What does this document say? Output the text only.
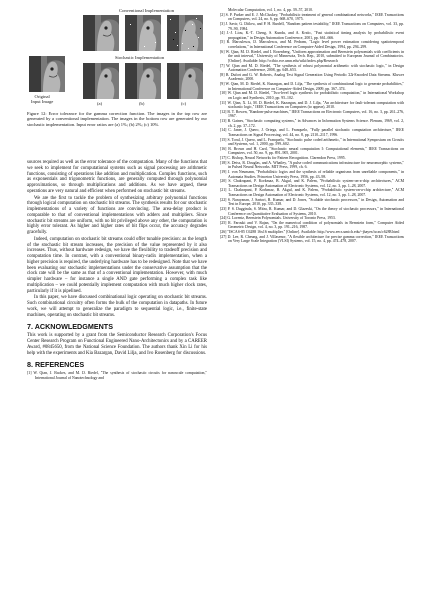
Conventional Implementation
Original
Input Image
Stochastic Implementation
(a)	(b)	(c)
Figure 12: Error tolerance for the gamma correction function. The images in the top row are generated by a conventional implementation. The images in the bottom row are generated by our stochastic implementation. Input error ratios are (a) 1%; (b) 2%; (c) 10%.

sources required as well as the error tolerance of the computation. Many of the functions that we seek to implement for computational systems such as signal processing are arithmetic functions, consisting of operations like addition and multiplication. Complex functions, such as exponentials and trigonometric functions, are generally computed through polynomial approximations, so through multiplications and additions. As we have argued, these operations are very natural and efficient when performed on stochastic bit streams.

We are the first to tackle the problem of synthesizing arbitrary polynomial functions through logical computation on stochastic bit streams. The synthesis results for our stochastic implementations of a variety of functions are convincing. The area-delay product is comparable to that of conventional implementations with adders and multipliers. Since stochastic bit streams are uniform, with no bit privileged above any other, the computation is highly error tolerant. As higher and higher rates of bit flips occur, the accuracy degrades gracefully.

Indeed, computation on stochastic bit streams could offer tunable precision: as the length of the stochastic bit stream increases, the precision of the value represented by it also increases. Thus, without hardware redesign, we have the flexibility to tradeoff precision and computation time. In contrast, with a conventional binary-radix implementation, when a higher precision is required, the underlying hardware has to be redesigned. Note that we have been evaluating our stochastic implementations under the conservative assumption that the clock rate will be the same as that of a conventional implementation. However, with much simpler hardware – for instance a single AND gate performing a complex task like multiplication – we could potentially implement computation with much higher clock rates, particularly if it is pipelined.

In this paper, we have discussed combinational logic operating on stochastic bit streams. Such combinational circuitry often forms the bulk of the computation in datapaths. In future work, we will attempt to generalize the paradigm to sequential logic, i.e., finite-state machines, operating on stochastic bit streams.

7. ACKNOWLEDGMENTS

This work is supported by a grant from the Semiconductor Research Corporation's Focus Center Research Program on Functional Engineered Nano-Architectonics and by a CAREER Award, #0845650, from the National Science Foundation. The authors thank Xin Li for his help with the experiments and Kia Bazargan, David Lilja, and Ivo Rosenberg for discussions.

8. REFERENCES

[1] W. Qian, J. Backes, and M. D. Riedel, "The synthesis of stochastic circuits for nanoscale computation," International Journal of Nanotechnology and

Molecular Computation, vol. 1, no. 4, pp. 39–57, 2010.

[2] S. P. Parker and E. J. McCluskey, "Probabilistic treatment of general combinational networks," IEEE Transactions on Computers, vol. 24, no. 6, pp. 668–670, 1975.

[3] J. Savir, G. Ditlow, and P. H. Bardell, "Random pattern testability," IEEE Transactions on Computers, vol. 33, pp. 79–90, 1984.

[4] J.-J. Liou, K.-T. Cheng, S. Kundu, and A. Krstic, "Fast statistical timing analysis by probabilistic event propagation," in Design Automation Conference, 2001, pp. 661–666.

[5] R. Marculescu, D. Marculescu, and M. Pedram, "Logic level power estimation considering spatiotemporal correlations," in International Conference on Computer-Aided Design, 1994, pp. 294–299.

[6] W. Qian, M. D. Riedel, and I. Rosenberg, "Uniform approximation and Bernstein polynomials with coefficients in the unit interval," University of Minnesota, Tech. Rep., 2010, submitted to European Journal of Combinatorics. [Online]. Available: http://cctbio.ece.umn.edu/wiki/index.php/Research

[7] W. Qian and M. D. Riedel, "The synthesis of robust polynomial arithmetic with stochastic logic," in Design Automation Conference, 2008, pp. 648–653.

[8] B. Dufort and G. W. Roberts, Analog Test Signal Generation Using Periodic ΣΔ-Encoded Data Streams. Kluwer Academic, 2000.

[9] W. Qian, M. D. Riedel, K. Bazargan, and D. Lilja, "The synthesis of combinational logic to generate probabilities," in International Conference on Computer-Aided Design, 2009, pp. 367–374.

[10] W. Qian and M. D. Riedel, "Two-level logic synthesis for probabilistic computation," in International Workshop on Logic and Synthesis, 2010, pp. 95–102.

[11] W. Qian, X. Li, M. D. Riedel, K. Bazargan, and D. J. Lilja, "An architecture for fault-tolerant computation with stochastic logic," IEEE Transactions on Computers (to appear), 2010.

[12] B. T. Bowen, "Random-pulse machines," IEEE Transactions on Electronic Computers, vol. 16, no. 3, pp. 261–276, 1967.

[13] B. Gaines, "Stochastic computing systems," in Advances in Information Systems Science. Plenum, 1969, vol. 2, ch. 2, pp. 37–172.

[14] C. Janer, J. Quero, J. Ortega, and L. Franquelo, "Fully parallel stochastic computation architecture," IEEE Transactions on Signal Processing, vol. 44, no. 8, pp. 2110–2117, 1996.

[15] S. Toral, J. Quero, and L. Franquelo, "Stochastic pulse coded arithmetic," in International Symposium on Circuits and Systems, vol. 1, 2000, pp. 599–602.

[16] B. Brown and H. Card, "Stochastic neural computation I: Computational elements," IEEE Transactions on Computers, vol. 50, no. 9, pp. 891–905, 2001.

[17] C. Bishop, Neural Networks for Pattern Recognition. Clarendon Press, 1995.

[18] S. Deiss, R. Douglas, and A. Whatley, "A pulse coded communications infrastructure for neuromorphic systems," in Pulsed Neural Networks. MIT Press, 1999, ch. 6.

[19] J. von Neumann, "Probabilistic logics and the synthesis of reliable organisms from unreliable components," in Automata Studies. Princeton University Press, 1956, pp. 43–98.

[20] S. Chakrapani, P. Korkmaz, B. Akgul, and K. Palem, "Probabilistic system-on-a-chip architectures," ACM Transactions on Design Automation of Electronic Systems, vol. 12, no. 3, pp. 1–28, 2007.

[21] L. Chakrapani, P. Korkmaz, B. Akgul, and K. Palem, "Probabilistic system-on-a-chip architecture," ACM Transactions on Design Automation of Electronic Systems, vol. 12, no. 3, pp. 1–28, 2007.

[22] S. Narayanan, J. Sartori, R. Kumar, and D. Jones, "Scalable stochastic processors," in Design, Automation and Test in Europe, 2010, pp. 335–338.

[23] P. S. Duggirala, S. Mitra, R. Kumar, and D. Glazeski, "On the theory of stochastic processors," in International Conference on Quantitative Evaluation of Systems, 2010.

[24] G. Lorentz, Bernstein Polynomials. University of Toronto Press, 1953.

[25] R. Farouki and V. Rajan, "On the numerical condition of polynomials in Bernstein form," Computer Aided Geometric Design, vol. 4, no. 3, pp. 191–216, 1987.

[26] "ISCAS-85 C6288 16x16 multiplier." [Online]. Available: http://www.eecs.umich.edu/~jhayes/iscas/c6288.html

[27] D. Lee, R. Cheung, and J. Villasenor, "A flexible architecture for precise gamma correction," IEEE Transactions on Very Large Scale Integration (VLSI) Systems, vol. 15, no. 4, pp. 474–478, 2007.
